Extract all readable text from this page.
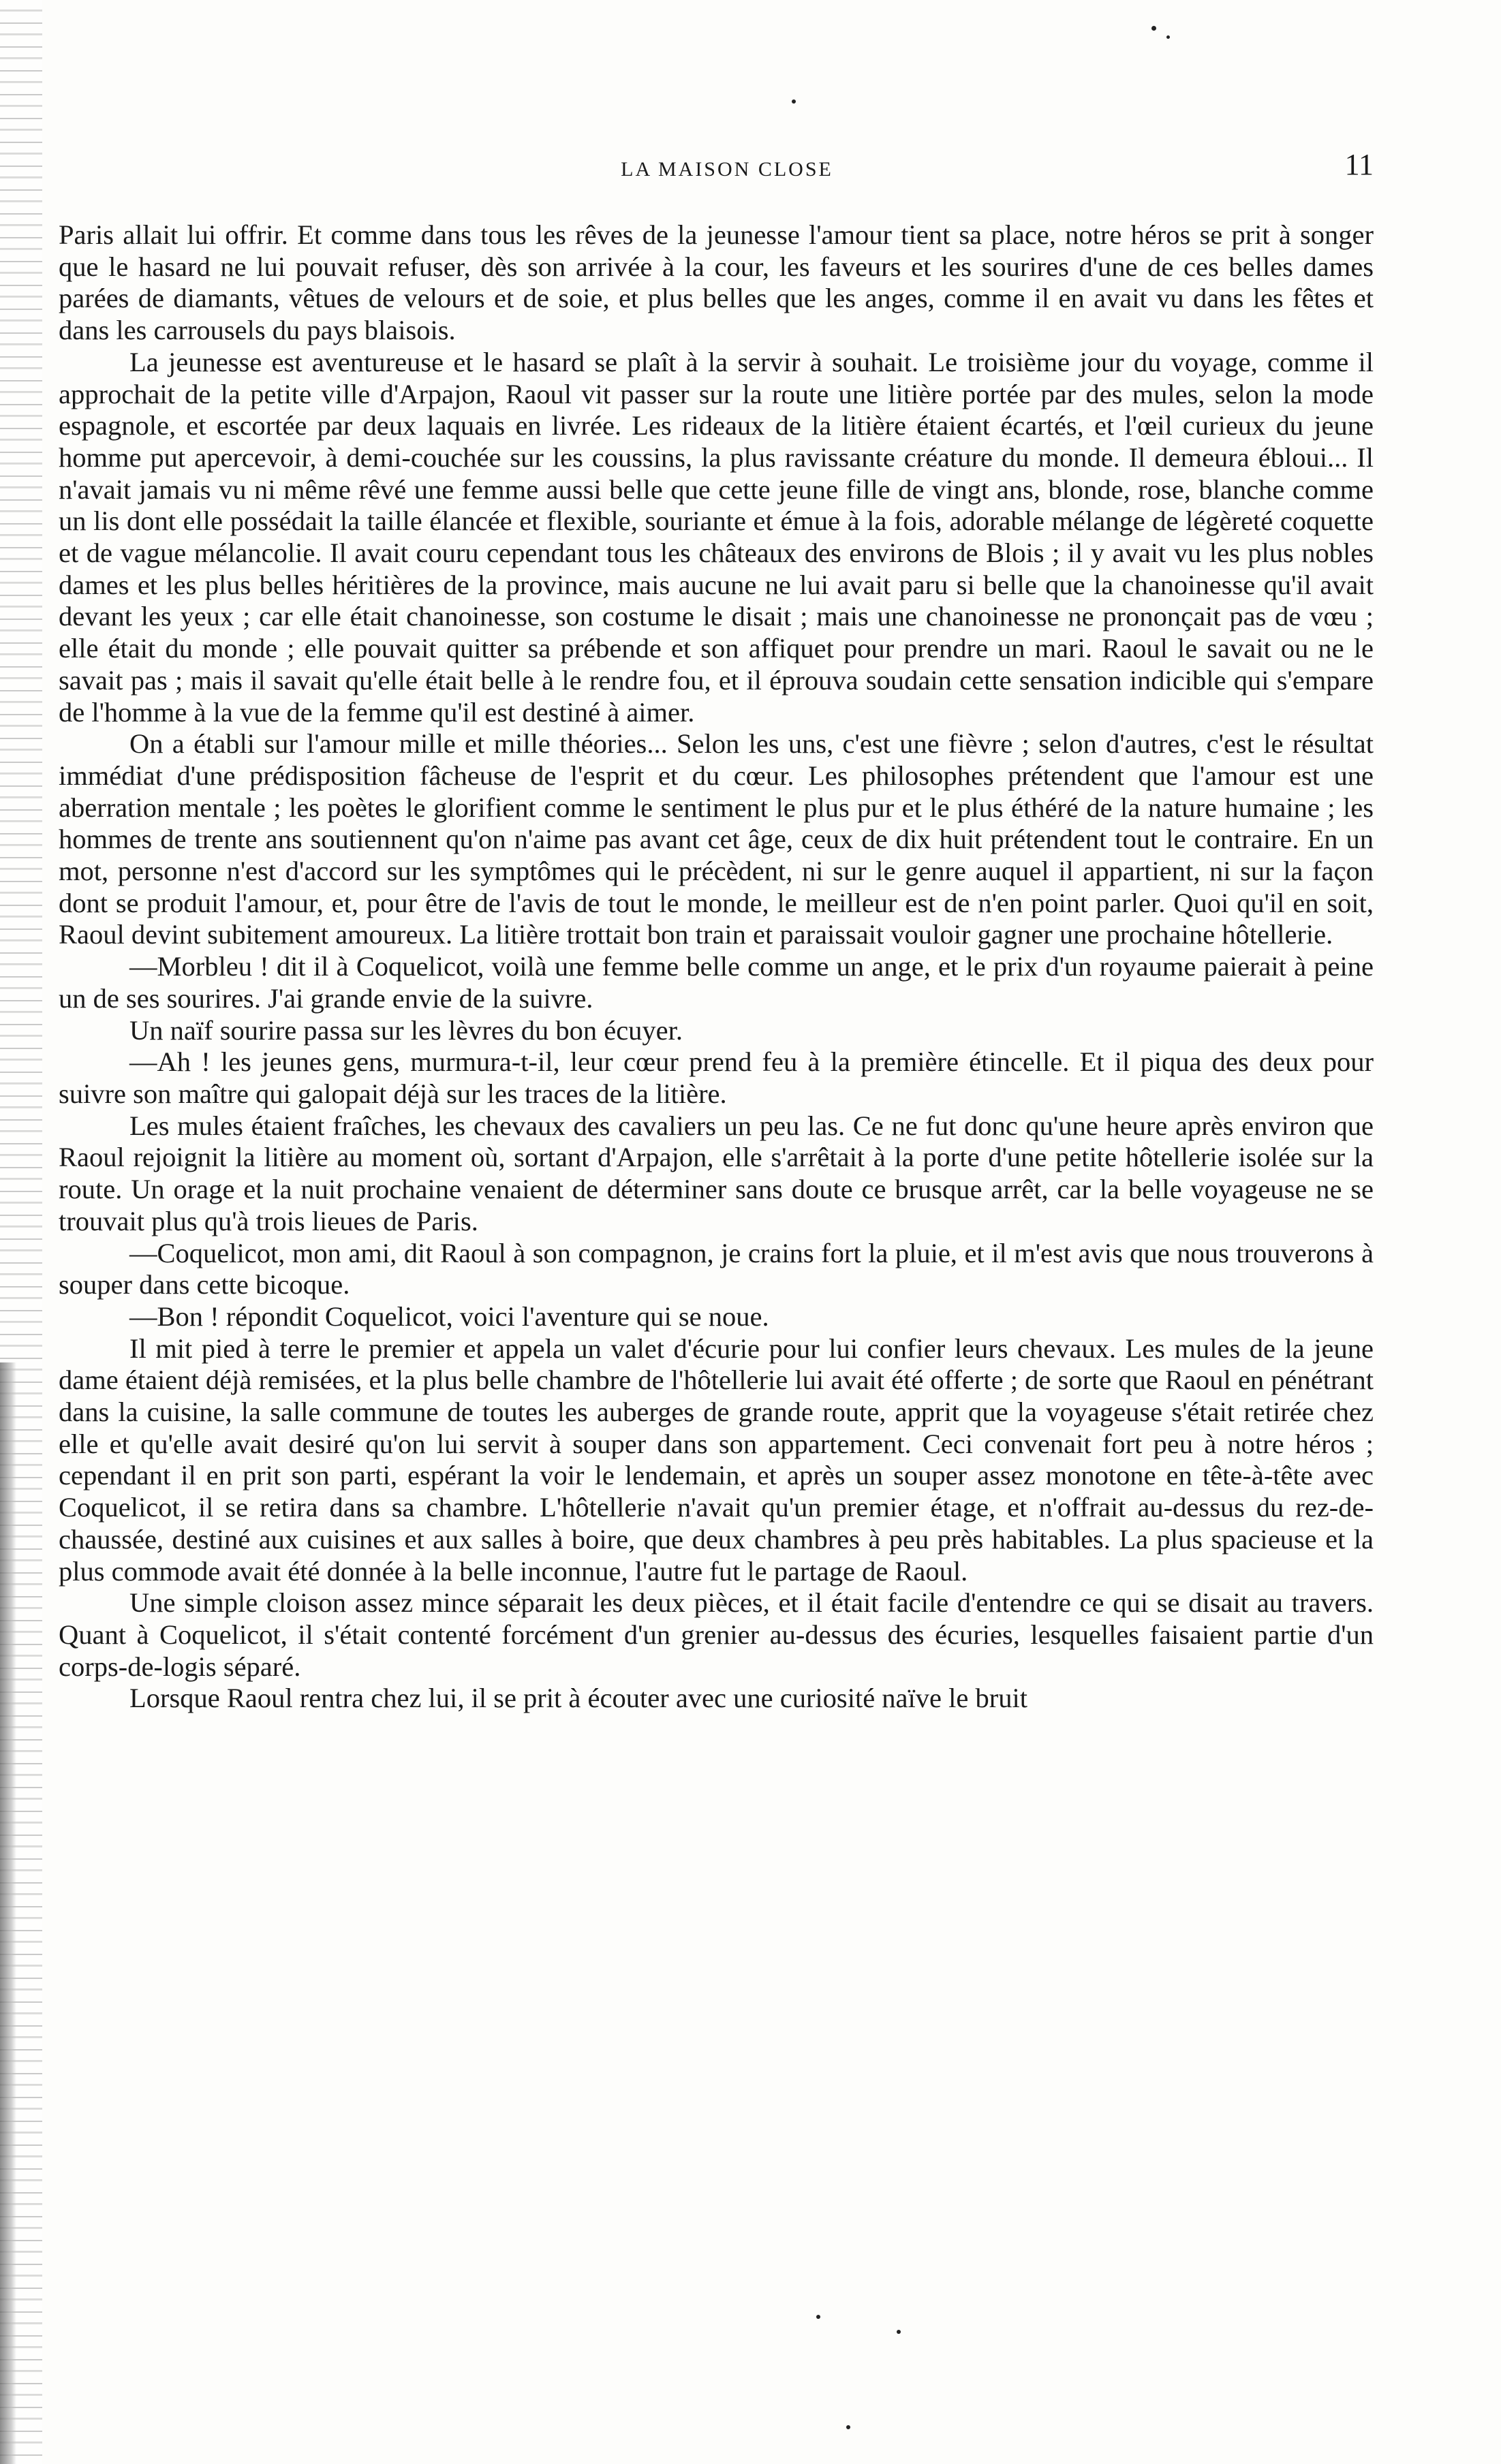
LA MAISON CLOSE	11

Paris allait lui offrir. Et comme dans tous les rêves de la jeunesse l'amour tient sa place, notre héros se prit à songer que le hasard ne lui pouvait refuser, dès son arrivée à la cour, les faveurs et les sourires d'une de ces belles dames parées de diamants, vêtues de velours et de soie, et plus belles que les anges, comme il en avait vu dans les fêtes et dans les carrousels du pays blaisois.

La jeunesse est aventureuse et le hasard se plaît à la servir à souhait. Le troisième jour du voyage, comme il approchait de la petite ville d'Arpajon, Raoul vit passer sur la route une litière portée par des mules, selon la mode espagnole, et escortée par deux laquais en livrée. Les rideaux de la litière étaient écartés, et l'œil curieux du jeune homme put apercevoir, à demi-couchée sur les coussins, la plus ravissante créature du monde. Il demeura ébloui... Il n'avait jamais vu ni même rêvé une femme aussi belle que cette jeune fille de vingt ans, blonde, rose, blanche comme un lis dont elle possédait la taille élancée et flexible, souriante et émue à la fois, adorable mélange de légèreté coquette et de vague mélancolie. Il avait couru cependant tous les châteaux des environs de Blois ; il y avait vu les plus nobles dames et les plus belles héritières de la province, mais aucune ne lui avait paru si belle que la chanoinesse qu'il avait devant les yeux ; car elle était chanoinesse, son costume le disait ; mais une chanoinesse ne prononçait pas de vœu ; elle était du monde ; elle pouvait quitter sa prébende et son affiquet pour prendre un mari. Raoul le savait ou ne le savait pas ; mais il savait qu'elle était belle à le rendre fou, et il éprouva soudain cette sensation indicible qui s'empare de l'homme à la vue de la femme qu'il est destiné à aimer.

On a établi sur l'amour mille et mille théories... Selon les uns, c'est une fièvre ; selon d'autres, c'est le résultat immédiat d'une prédisposition fâcheuse de l'esprit et du cœur. Les philosophes prétendent que l'amour est une aberration mentale ; les poètes le glorifient comme le sentiment le plus pur et le plus éthéré de la nature humaine ; les hommes de trente ans soutiennent qu'on n'aime pas avant cet âge, ceux de dix huit prétendent tout le contraire. En un mot, personne n'est d'accord sur les symptômes qui le précèdent, ni sur le genre auquel il appartient, ni sur la façon dont se produit l'amour, et, pour être de l'avis de tout le monde, le meilleur est de n'en point parler. Quoi qu'il en soit, Raoul devint subitement amoureux. La litière trottait bon train et paraissait vouloir gagner une prochaine hôtellerie.

—Morbleu ! dit il à Coquelicot, voilà une femme belle comme un ange, et le prix d'un royaume paierait à peine un de ses sourires. J'ai grande envie de la suivre.

Un naïf sourire passa sur les lèvres du bon écuyer.

—Ah ! les jeunes gens, murmura-t-il, leur cœur prend feu à la première étincelle. Et il piqua des deux pour suivre son maître qui galopait déjà sur les traces de la litière.

Les mules étaient fraîches, les chevaux des cavaliers un peu las. Ce ne fut donc qu'une heure après environ que Raoul rejoignit la litière au moment où, sortant d'Arpajon, elle s'arrêtait à la porte d'une petite hôtellerie isolée sur la route. Un orage et la nuit prochaine venaient de déterminer sans doute ce brusque arrêt, car la belle voyageuse ne se trouvait plus qu'à trois lieues de Paris.

—Coquelicot, mon ami, dit Raoul à son compagnon, je crains fort la pluie, et il m'est avis que nous trouverons à souper dans cette bicoque.

—Bon ! répondit Coquelicot, voici l'aventure qui se noue.

Il mit pied à terre le premier et appela un valet d'écurie pour lui confier leurs chevaux. Les mules de la jeune dame étaient déjà remisées, et la plus belle chambre de l'hôtellerie lui avait été offerte ; de sorte que Raoul en pénétrant dans la cuisine, la salle commune de toutes les auberges de grande route, apprit que la voyageuse s'était retirée chez elle et qu'elle avait desiré qu'on lui servit à souper dans son appartement. Ceci convenait fort peu à notre héros ; cependant il en prit son parti, espérant la voir le lendemain, et après un souper assez monotone en tête-à-tête avec Coquelicot, il se retira dans sa chambre. L'hôtellerie n'avait qu'un premier étage, et n'offrait au-dessus du rez-de-chaussée, destiné aux cuisines et aux salles à boire, que deux chambres à peu près habitables. La plus spacieuse et la plus commode avait été donnée à la belle inconnue, l'autre fut le partage de Raoul.

Une simple cloison assez mince séparait les deux pièces, et il était facile d'entendre ce qui se disait au travers. Quant à Coquelicot, il s'était contenté forcément d'un grenier au-dessus des écuries, lesquelles faisaient partie d'un corps-de-logis séparé.

Lorsque Raoul rentra chez lui, il se prit à écouter avec une curiosité naïve le bruit
